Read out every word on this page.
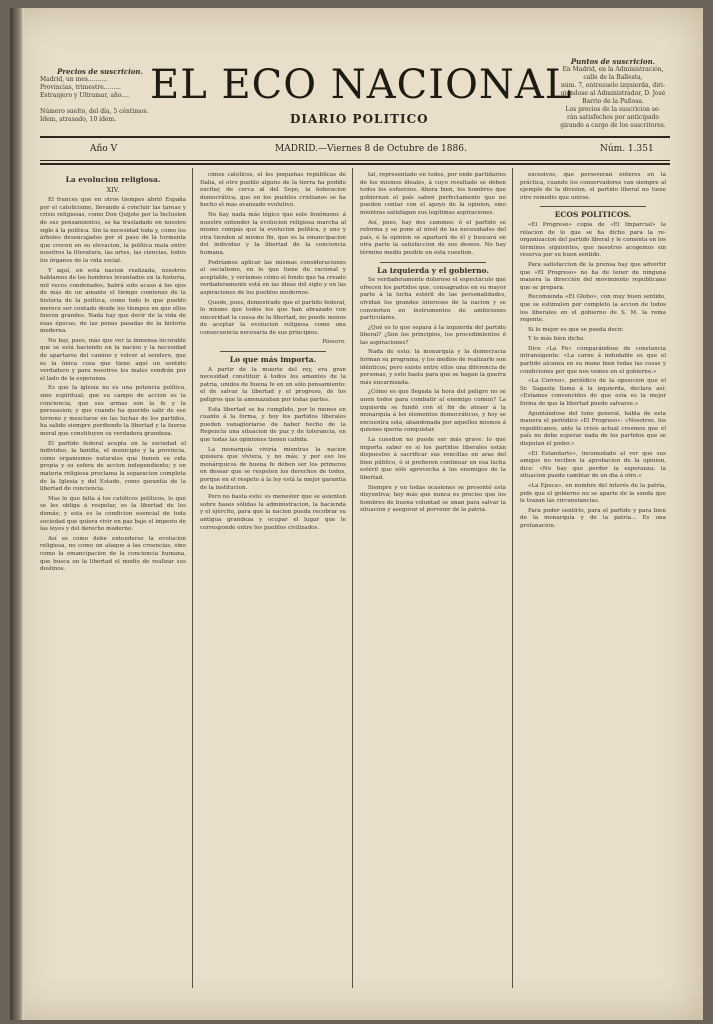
Precios de suscricion.
Madrid, un mes..........
Provincias, trimestre.........
Estranjero y Ultramar, año....

Número suelto, del día, 5 céntimos.
Idem, atrasado, 10 ídem.
EL ECO NACIONAL
DIARIO POLITICO
Puntos de suscricion.
En Madrid, en la Administración, calle de la Ballesta,
núm. 7, entresuelo izquierda, diri-
giéndose al Administrador, D. José
Barrio de la Puñosa.
Los precios de la suscricion se-
rán satisfechos por anticipado
girando a cargo de los suscritores.
Año V	MADRID.—Viernes 8 de Octubre de 1886.	Núm. 1.351

La evolucion religiosa.

XIV.

El frances que en otros tiempos abrió España por el catolicismo, llevando á concluir las tareas y crisis religiosas, como Don Quijote por la Inclusion de sus pensamientos, se ha trasladado en nuestro siglo á la política. Sin la necesidad toda y, como los árboles desencajados por el paso de la tormenta que crecen en su elevacion, la política mala entre nosotros la literatura, las artes, las ciencias, todos los órganos de la vida social.

Y aquí, en esta nacion realizada, nosotros hablamos de los hombres levantados en la historia, mil veces condenados, habrá sido acaso á los ojos de más de un amante el tiempo comienzo de la historia de la política, como todo lo que pueblo merece ser contado desde los tiempos en que ellos fueron grandes. Nada hay que decir de la vida de esas épocas, de las penas pasadas de la historia moderna.

No hay, pues, más que ver la inmensa incurable que se está haciendo en la nacion y la necesidad de apartarse del camino y volver al sendero, que es la única cosa que tiene aquí un sentido verdadero y para nosotros los males vendrán por el lado de la esperanza.

Es que la iglesia no es una potencia política, sino espiritual; que su campo de accion es la conciencia, que sus armas son la fe y la persuasion; y que cuando ha querido salir de ese terreno y mezclarse en las luchas de los partidos, ha salido siempre perdiendo la libertad y la fuerza moral que constituyen su verdadera grandeza.

El partido federal acepta en la sociedad el individuo, la familia, el municipio y la provincia, como organismos naturales que tienen su vida propia y su esfera de accion independiente; y en materia religiosa proclama la separacion completa de la Iglesia y del Estado, como garantía de la libertad de conciencia.

Mas lo que falta á los católicos políticos, lo que se les obliga á respetar, es la libertad de los demás; y esta es la condicion esencial de toda sociedad que quiera vivir en paz bajo el imperio de las leyes y del derecho moderno.

Así es como debe entenderse la evolucion religiosa, no como un ataque á las creencias, sino como la emancipacion de la conciencia humana, que busca en la libertad el medio de realizar sus destinos.

cimos católicos, el les pequeñas repúblicas de Italia, el otro pueblo alguno de la tierra ha podido excitar, de cerca al del Sepo, la federacion democrática, que en los pueblos cristianos se ha hecho el mas avanzado evolutivo.

No hay nada más lógico que este fenómeno: á nuestro entender la evolucion religiosa marcha al mismo compás que la evolucion política, y uno y otra tienden al mismo fin, que es la emancipacion del individuo y la libertad de la conciencia humana.

Podríamos aplicar las mismas consideraciones al socialismo, en lo que tiene de racional y aceptable, y veríamos cómo el fondo que ha creado verdaderamente está en las ideas del siglo y en las aspiraciones de los pueblos modernos.

Quede, pues, demostrado que el partido federal, lo mismo que todos los que han abrazado con sinceridad la causa de la libertad, no puede menos de aceptar la evolucion religiosa como una consecuencia necesaria de sus principios.

Pássaro.

Lo que más importa.

A partir de la muerte del rey, era gran necesidad constituir á todos los amantes de la patria, unidos de buena fe en un sólo pensamiento: el de salvar la libertad y el progreso, de los peligros que la amenazaban por todas partes.

Esta libertad se ha cumplido, por lo menos en cuanto á la forma, y hoy los partidos liberales pueden vanagloriarse de haber hecho de la Regencia una situacion de paz y de tolerancia, en que todas las opiniones tienen cabida.

La monarquía viviría mientras la nacion quisiera que viviera, y no más; y por eso los monárquicos de buena fe deben ser los primeros en desear que se respeten los derechos de todos, porque en el respeto á la ley está la mejor garantía de la institucion.

Pero no basta esto: es menester que se asienten sobre bases sólidas la administracion, la hacienda y el ejército, para que la nacion pueda recobrar su antigua grandeza y ocupar el lugar que le corresponde entre los pueblos civilizados.

tal, representado en todos, por ende partidarios de los mismos ideales, á cuyo resultado se deben todos los esfuerzos. Ahora bien, los hombres que gobiernan el país saben perfectamente que no pueden contar con el apoyo de la opinion, sino mientras satisfagan sus legítimas aspiraciones.

Así, pues, hay dos caminos: ó el partido se reforma y se pone al nivel de las necesidades del país, ó la opinion se apartará de él y buscará en otra parte la satisfaccion de sus deseos. No hay término medio posible en esta cuestion.

La izquierda y el gobierno.

Se verdaderamente doloroso el espectáculo que ofrecen los partidos que, consagrados en su mayor parte á la lucha estéril de las personalidades, olvidan los grandes intereses de la nacion y se convierten en instrumentos de ambiciones particulares.

¿Qué es lo que separa á la izquierda del partido liberal? ¿Son los principios, los procedimientos ó las aspiraciones?

Nada de esto; la monarquía y la democracia forman su programa, y los medios de realizarlo son idénticos; pero existe entre ellos una diferencia de personas, y esto basta para que se hagan la guerra más encarnizada.

¿Cómo es que llegada la hora del peligro no se unen todos para combatir al enemigo comun? La izquierda se fundó con el fin de atraer á la monarquía á los elementos democráticos, y hoy se encuentra sola, abandonada por aquellos mismos á quienes quería conquistar.

La cuestion no puede ser más grave: lo que importa saber es si los partidos liberales están dispuestos á sacrificar sus rencillas en aras del bien público, ó si prefieren continuar en esa lucha estéril que sólo aprovecha á los enemigos de la libertad.

Siempre y en todas ocasiones se presentó esta disyuntiva; hoy más que nunca es preciso que los hombres de buena voluntad se unan para salvar la situacion y asegurar el porvenir de la patria.

excesivos, que perseveran enteros en la práctica, cuando los conservadores van siempre al ejemplo de la division, el partido liberal no tiene otro remedio que unirse.

ECOS POLITICOS.

«El Progreso» copia de «El Imparcial» la relacion de lo que se ha dicho para la re-organizacion del partido liberal y le comenta en los términos siguientes, que nosotros acogemos sin reserva por su buen sentido.

Para satisfaccion de la prensa hay que advertir que «El Progreso» no ha de tener de ninguna manera la dirección del movimiento republicano que se prepara.

Recomienda «El Globo», con muy buen sentido, que se estimulen por completo la accion de todos los liberales en el gobierno de S. M. la reina regente.

Si lo mejor es que se pueda decir.

Y lo más bien dicho.

Dice «La Fe» comparándose de constancia intransigente: «La carne á indudable es que el partido alcanza en su mano bien todas las cosas y condiciones por que nos vemos en el gobierno.»

«La Correo», periódico de la oposicion que el Sr. Sagasta llama á la izquierda, declara así: «Estamos convencidos de que esta es la mejor forma de que la libertad puede salvarse.»

Apuntándose del tono general, habla de esta manera el periódico «El Progreso»: «Nosotros, los republicanos, ante la crisis actual creemos que el país no debe esperar nada de los partidos que se disputan el poder.»

«El Estandarte», incomodado al ver que sus amigos no reciben la aprobacion de la opinion, dice: «No hay que perder la esperanza; la situacion puede cambiar de un dia á otro.»

«La Epoca», en nombre del interés de la patria, pide que el gobierno no se aparte de la senda que le trazan las circunstancias.

Para poder sentirlo, para el partido y para bien de la monarquía y de la patria... Es una profanacion.
